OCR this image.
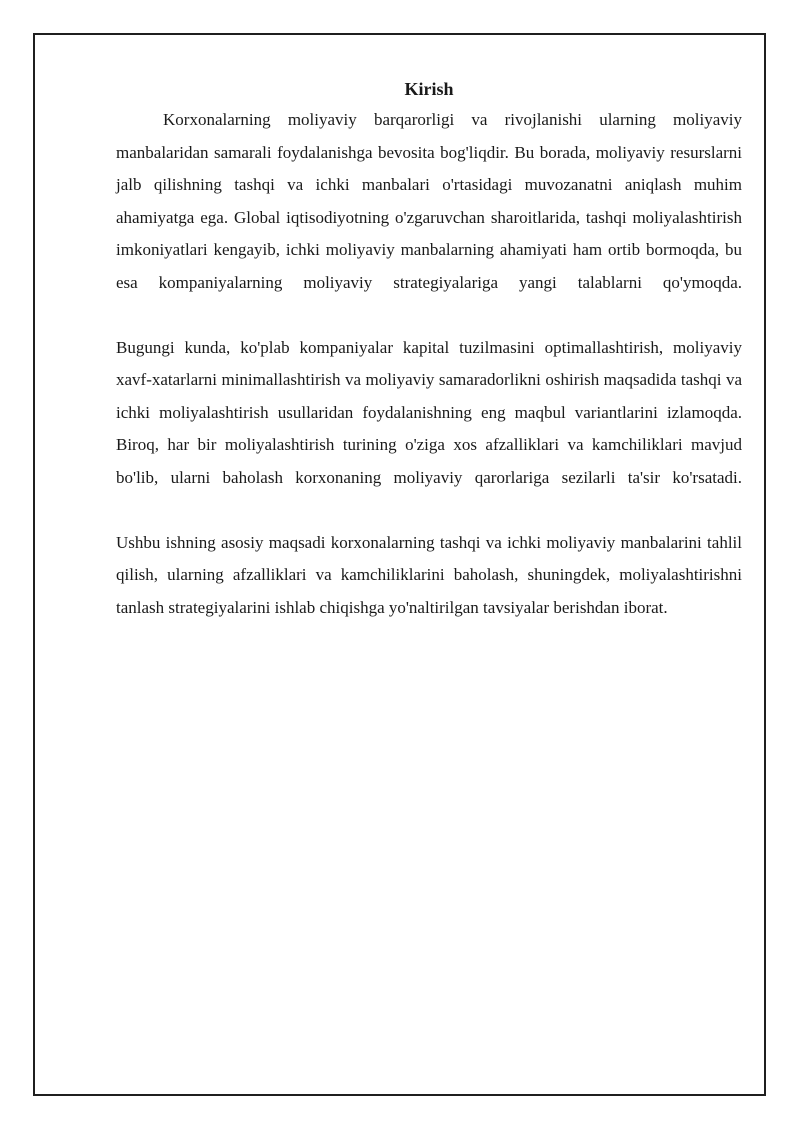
Kirish

Korxonalarning moliyaviy barqarorligi va rivojlanishi ularning moliyaviy manbalaridan samarali foydalanishga bevosita bog'liqdir. Bu borada, moliyaviy resurslarni jalb qilishning tashqi va ichki manbalari o'rtasidagi muvozanatni aniqlash muhim ahamiyatga ega. Global iqtisodiyotning o'zgaruvchan sharoitlarida, tashqi moliyalashtirish imkoniyatlari kengayib, ichki moliyaviy manbalarning ahamiyati ham ortib bormoqda, bu esa kompaniyalarning moliyaviy strategiyalariga yangi talablarni qo'ymoqda.

Bugungi kunda, ko'plab kompaniyalar kapital tuzilmasini optimallashtirish, moliyaviy xavf-xatarlarni minimallashtirish va moliyaviy samaradorlikni oshirish maqsadida tashqi va ichki moliyalashtirish usullaridan foydalanishning eng maqbul variantlarini izlamoqda. Biroq, har bir moliyalashtirish turining o'ziga xos afzalliklari va kamchiliklari mavjud bo'lib, ularni baholash korxonaning moliyaviy qarorlariga sezilarli ta'sir ko'rsatadi.

Ushbu ishning asosiy maqsadi korxonalarning tashqi va ichki moliyaviy manbalarini tahlil qilish, ularning afzalliklari va kamchiliklarini baholash, shuningdek, moliyalashtirishni tanlash strategiyalarini ishlab chiqishga yo'naltirilgan tavsiyalar berishdan iborat.
